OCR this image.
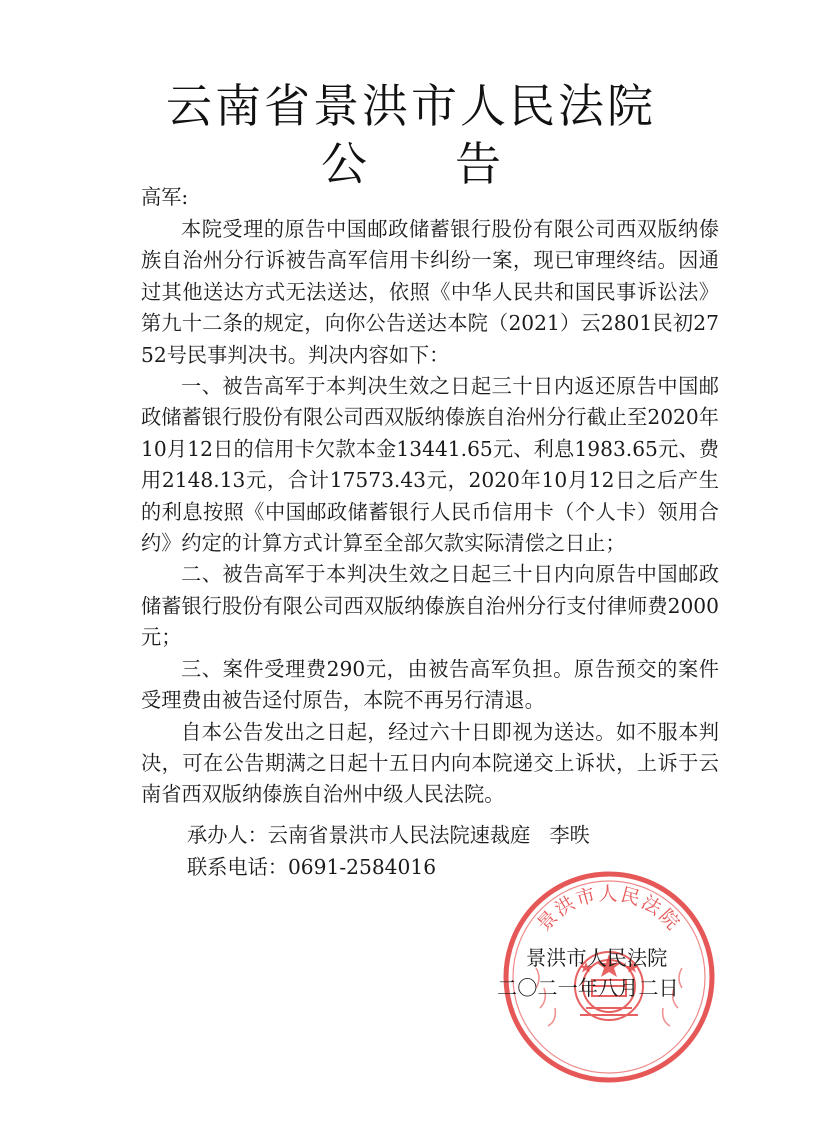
云南省景洪市人民法院
公告
高军:

本院受理的原告中国邮政储蓄银行股份有限公司西双版纳傣族自治州分行诉被告高军信用卡纠纷一案，现已审理终结。因通过其他送达方式无法送达，依照《中华人民共和国民事诉讼法》第九十二条的规定，向你公告送达本院（2021）云2801民初2752号民事判决书。判决内容如下：

一、被告高军于本判决生效之日起三十日内返还原告中国邮政储蓄银行股份有限公司西双版纳傣族自治州分行截止至2020年10月12日的信用卡欠款本金13441.65元、利息1983.65元、费用2148.13元，合计17573.43元，2020年10月12日之后产生的利息按照《中国邮政储蓄银行人民币信用卡（个人卡）领用合约》约定的计算方式计算至全部欠款实际清偿之日止；

二、被告高军于本判决生效之日起三十日内向原告中国邮政储蓄银行股份有限公司西双版纳傣族自治州分行支付律师费2000元；

三、案件受理费290元，由被告高军负担。原告预交的案件受理费由被告迳付原告，本院不再另行清退。

自本公告发出之日起，经过六十日即视为送达。如不服本判决，可在公告期满之日起十五日内向本院递交上诉状，上诉于云南省西双版纳傣族自治州中级人民法院。

承办人：云南省景洪市人民法院速裁庭   李昳
联系电话：0691-2584016
景洪市人民法院
景洪市人民法院
二〇二一年八月二日
